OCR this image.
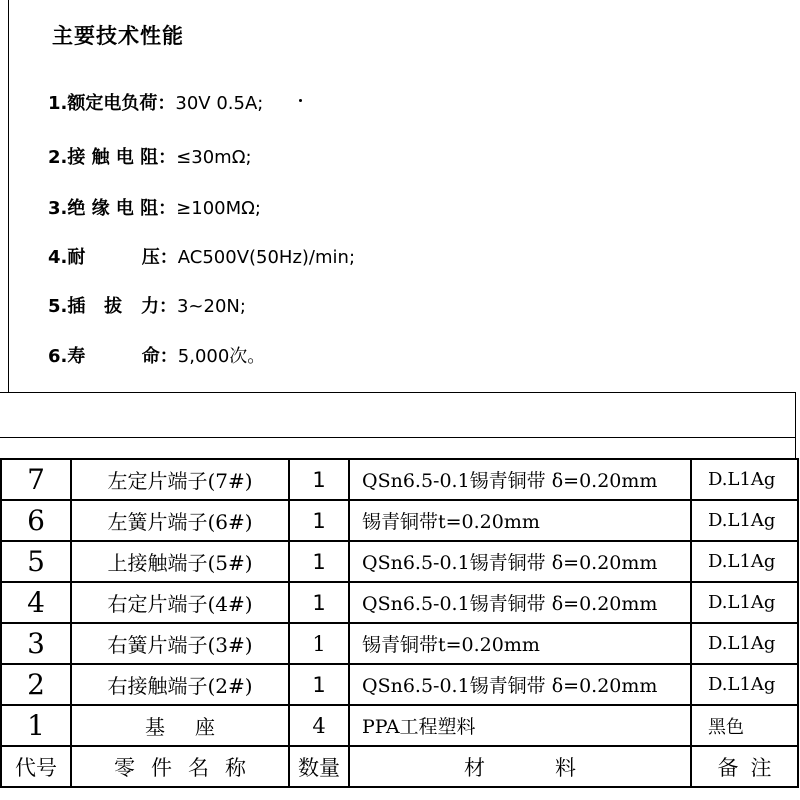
主要技术性能
1.额定电负荷：30V 0.5A;
2.接 触 电 阻：≤30mΩ;
3.绝 缘 电 阻：≥100MΩ;
4.耐         压：AC500V(50Hz)/min;
5.插   拔   力：3~20N;
6.寿         命：5,000次。
7	左定片端子(7#)	1	QSn6.5-0.1锡青铜带 δ=0.20mm	D.L1Ag
6	左簧片端子(6#)	1	锡青铜带t=0.20mm	D.L1Ag
5	上接触端子(5#)	1	QSn6.5-0.1锡青铜带 δ=0.20mm	D.L1Ag
4	右定片端子(4#)	1	QSn6.5-0.1锡青铜带 δ=0.20mm	D.L1Ag
3	右簧片端子(3#)	1	锡青铜带t=0.20mm	D.L1Ag
2	右接触端子(2#)	1	QSn6.5-0.1锡青铜带 δ=0.20mm	D.L1Ag
1	基座	4	PPA工程塑料	黑色
代号	零件名称	数量	材料	备注
